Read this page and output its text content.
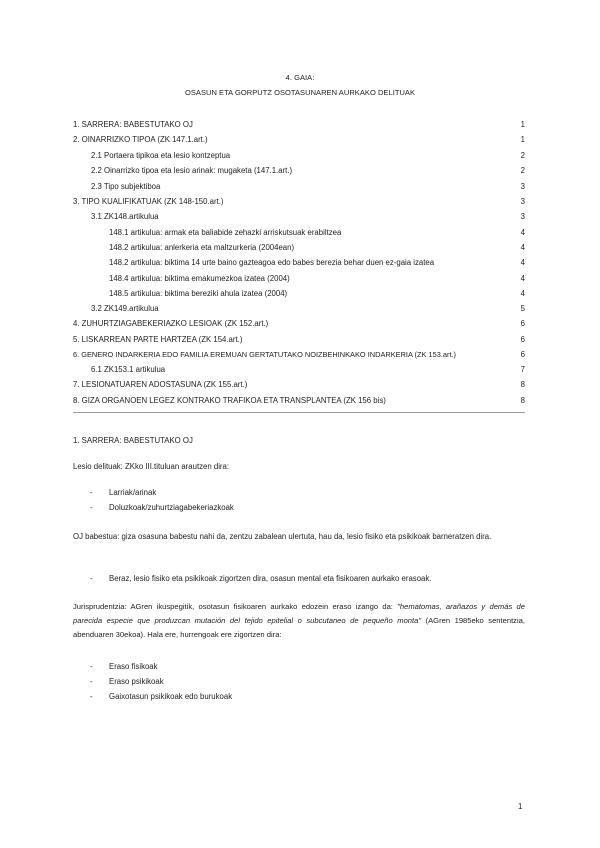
4. GAIA:
OSASUN ETA GORPUTZ OSOTASUNAREN AURKAKO DELITUAK
1. SARRERA: BABESTUTAKO OJ	1
2. OINARRIZKO TIPOA (ZK 147.1.art.)	1
2.1 Portaera tipikoa eta lesio kontzeptua	2
2.2 Oinarrizko tipoa eta lesio arinak: mugaketa (147.1.art.)	2
2.3 Tipo subjektiboa	3
3. TIPO KUALIFIKATUAK (ZK 148-150.art.)	3
3.1 ZK148.artikulua	3
148.1 artikulua: armak eta baliabide zehazki arriskutsuak erabiltzea	4
148.2 artikulua: anlerkeria eta maltzurkeria (2004ean)	4
148.2 artikulua: biktima 14 urte baino gazteagoa edo babes berezia behar duen ez-gaia izatea	4
148.4 artikulua: biktima emakumezkoa izatea (2004)	4
148.5 artikulua: biktima bereziki ahula izatea (2004)	4
3.2 ZK149.artikulua	5
4. ZUHURTZIAGABEKERIAZKO LESIOAK (ZK 152.art.)	6
5. LISKARREAN PARTE HARTZEA (ZK 154.art.)	6
6. GENERO INDARKERIA EDO FAMILIA EREMUAN GERTATUTAKO NOIZBEHINKAKO INDARKERIA (ZK 153.art.)	6
6.1 ZK153.1 artikulua	7
7. LESIONATUAREN ADOSTASUNA (ZK 155.art.)	8
8. GIZA ORGANOEN LEGEZ KONTRAKO TRAFIKOA ETA TRANSPLANTEA (ZK 156 bis)	8
1. SARRERA: BABESTUTAKO OJ
Lesio delituak: ZKko III.tituluan arautzen dira:
- Larriak/arinak
- Doluzkoak/zuhurtziagabekeriazkoak
OJ babestua: giza osasuna babestu nahi da, zentzu zabalean ulertuta, hau da, lesio fisiko eta psikikoak barneratzen dira.
- Beraz, lesio fisiko eta psikikoak zigortzen dira, osasun mental eta fisikoaren aurkako erasoak.
Jurisprudentzia: AGren ikuspegitik, osotasun fisikoaren aurkako edozein eraso izango da: "hematomas, arañazos y demás de parecida especie que produzcan mutación del tejido epitelial o subcutaneo de pequeño monta" (AGren 1985eko sententzia, abenduaren 30ekoa). Hala ere, hurrengoak ere zigortzen dira:
- Eraso fisikoak
- Eraso psikikoak
- Gaixotasun psikikoak edo burukoak
1
